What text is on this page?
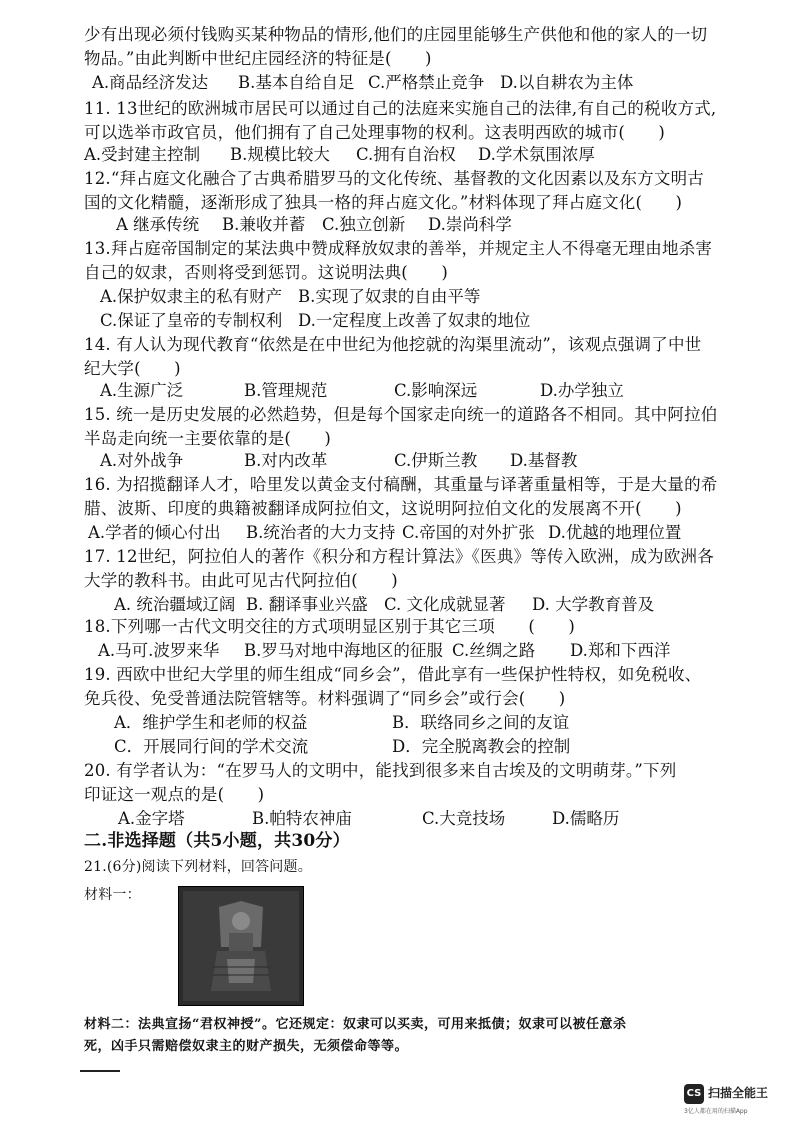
少有出现必须付钱购买某种物品的情形,他们的庄园里能够生产供他和他的家人的一切
物品。”由此判断中世纪庄园经济的特征是(　　)
11. 13世纪的欧洲城市居民可以通过自己的法庭来实施自己的法律,有自己的税收方式,
可以选举市政官员，他们拥有了自己处理事物的权利。这表明西欧的城市(　　)
12.“拜占庭文化融合了古典希腊罗马的文化传统、基督教的文化因素以及东方文明古
国的文化精髓，逐渐形成了独具一格的拜占庭文化。”材料体现了拜占庭文化(　　)
13.拜占庭帝国制定的某法典中赞成释放奴隶的善举，并规定主人不得毫无理由地杀害
自己的奴隶，否则将受到惩罚。这说明法典(　　)
14. 有人认为现代教育“依然是在中世纪为他挖就的沟渠里流动”，该观点强调了中世
纪大学(　　)
15. 统一是历史发展的必然趋势，但是每个国家走向统一的道路各不相同。其中阿拉伯
半岛走向统一主要依靠的是(　　)
16. 为招揽翻译人才，哈里发以黄金支付稿酬，其重量与译著重量相等，于是大量的希
腊、波斯、印度的典籍被翻译成阿拉伯文，这说明阿拉伯文化的发展离不开(　　)
17. 12世纪，阿拉伯人的著作《积分和方程计算法》《医典》等传入欧洲，成为欧洲各
大学的教科书。由此可见古代阿拉伯(　　)
18.下列哪一古代文明交往的方式项明显区别于其它三项　　(　　)
19. 西欧中世纪大学里的师生组成“同乡会”，借此享有一些保护性特权，如免税收、
免兵役、免受普通法院管辖等。材料强调了“同乡会”或行会(　　)
20. 有学者认为：“在罗马人的文明中，能找到很多来自古埃及的文明萌芽。”下列
印证这一观点的是(　　)
二.非选择题（共5小题，共30分）
21.(6分)阅读下列材料，回答问题。
材料一：
材料二：法典宣扬“君权神授”。它还规定：奴隶可以买卖，可用来抵债；奴隶可以被任意杀
死，凶手只需赔偿奴隶主的财产损失，无须偿命等等。
A.商品经济发达 B.基本自给自足 C.严格禁止竞争 D.以自耕农为主体
A.受封建主控制 B.规模比较大 C.拥有自治权 D.学术氛围浓厚
A 继承传统 B.兼收并蓄 C.独立创新 D.崇尚科学
A.保护奴隶主的私有财产 B.实现了奴隶的自由平等
C.保证了皇帝的专制权利 D.一定程度上改善了奴隶的地位
A.生源广泛	B.管理规范	C.影响深远	D.办学独立
A.对外战争	B.对内改革	C.伊斯兰教 D.基督教
A.学者的倾心付出 B.统治者的大力支持 C.帝国的对外扩张 D.优越的地理位置
A. 统治疆域辽阔 B. 翻译事业兴盛 C. 文化成就显著 D. 大学教育普及
A.马可.波罗来华 B.罗马对地中海地区的征服 C.丝绸之路 D.郑和下西洋
A．维护学生和老师的权益	B．联络同乡之间的友谊
C．开展同行间的学术交流	D．完全脱离教会的控制
A.金字塔	B.帕特农神庙	C.大竞技场	D.儒略历
CS 扫描全能王
3亿人都在用的扫描App
